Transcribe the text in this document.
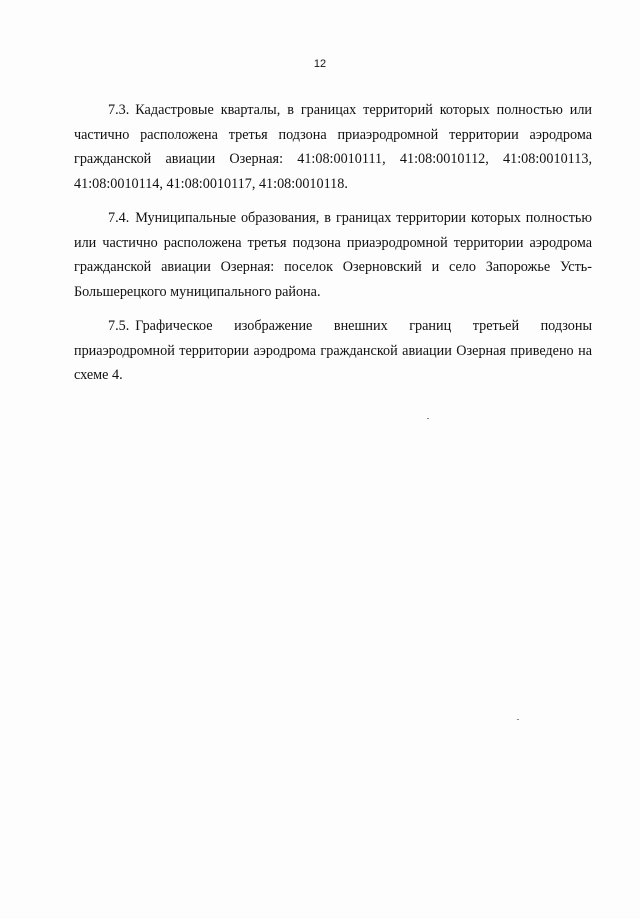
12

7.3. Кадастровые кварталы, в границах территорий которых полностью или частично расположена третья подзона приаэродромной территории аэродрома гражданской авиации Озерная: 41:08:0010111, 41:08:0010112, 41:08:0010113, 41:08:0010114, 41:08:0010117, 41:08:0010118.

7.4. Муниципальные образования, в границах территории которых полностью или частично расположена третья подзона приаэродромной территории аэродрома гражданской авиации Озерная: поселок Озерновский и село Запорожье Усть-Большерецкого муниципального района.

7.5. Графическое изображение внешних границ третьей подзоны приаэродромной территории аэродрома гражданской авиации Озерная приведено на схеме 4.
